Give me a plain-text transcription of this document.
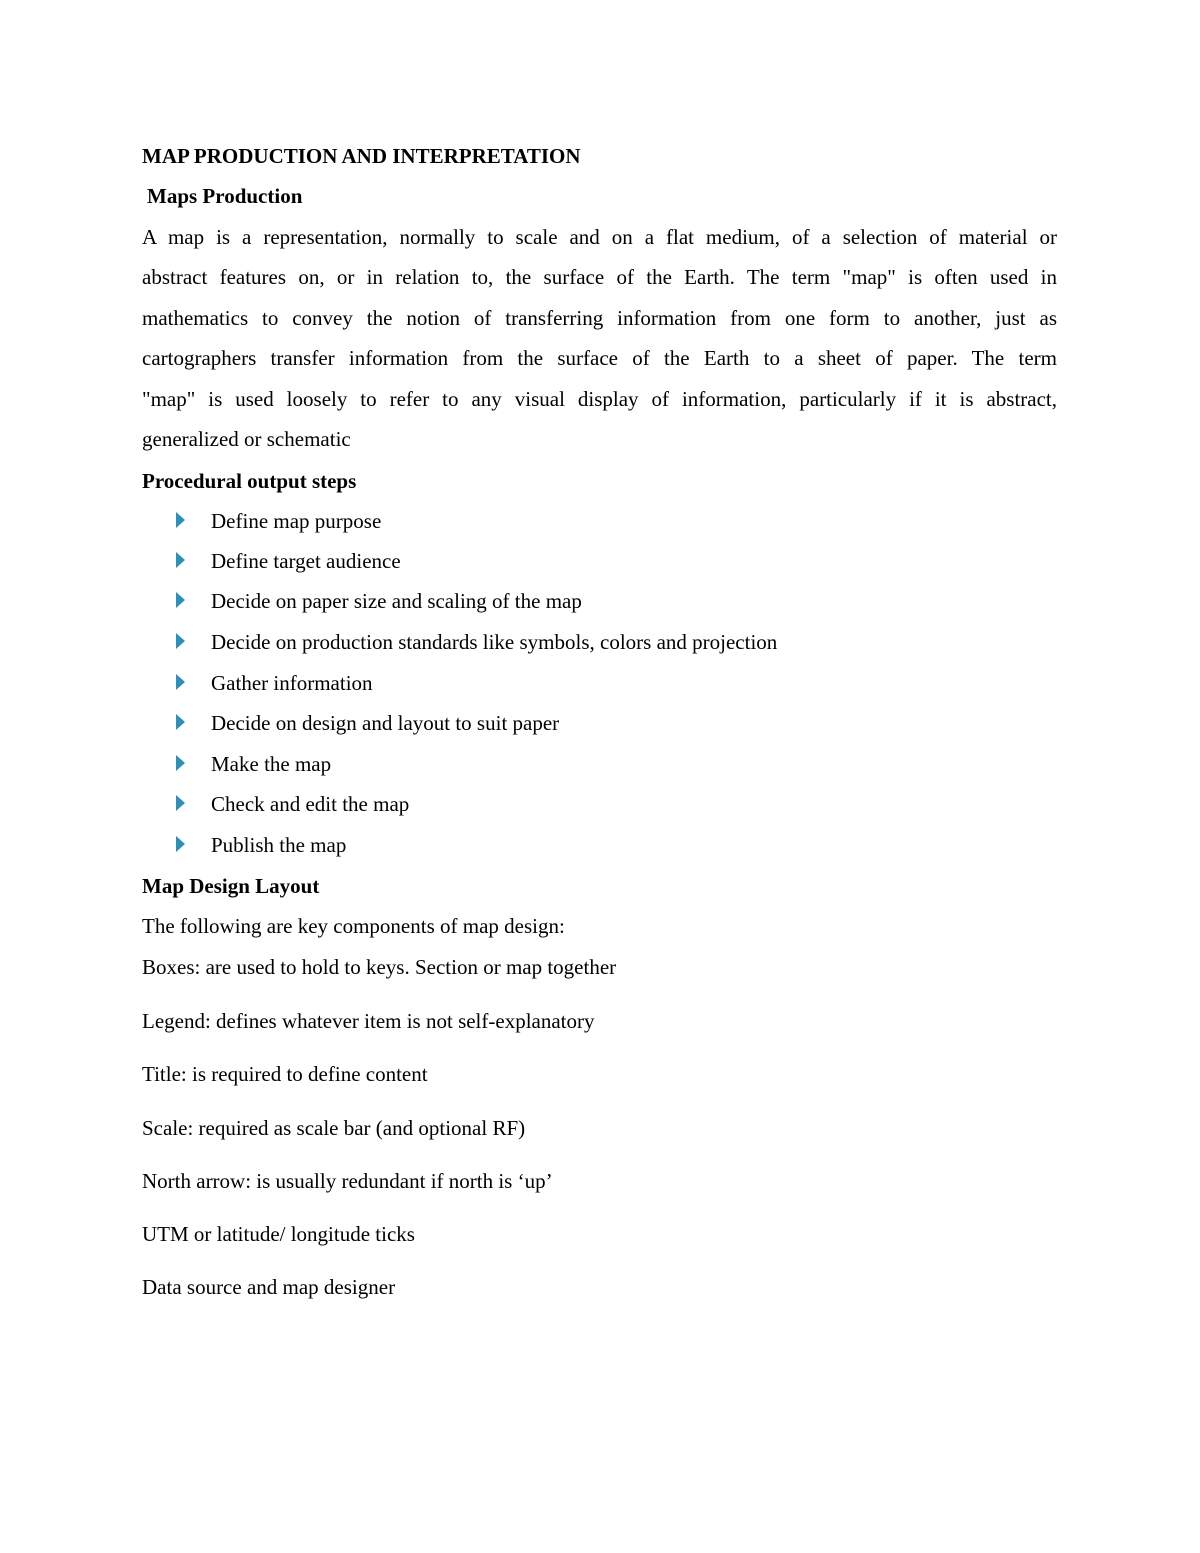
MAP PRODUCTION AND INTERPRETATION

Maps Production

A map is a representation, normally to scale and on a flat medium, of a selection of material or

abstract features on, or in relation to, the surface of the Earth. The term "map" is often used in

mathematics to convey the notion of transferring information from one form to another, just as

cartographers transfer information from the surface of the Earth to a sheet of paper. The term

"map" is used loosely to refer to any visual display of information, particularly if it is abstract,

generalized or schematic

Procedural output steps

Define map purpose
Define target audience
Decide on paper size and scaling of the map
Decide on production standards like symbols, colors and projection
Gather information
Decide on design and layout to suit paper
Make the map
Check and edit the map
Publish the map

Map Design Layout

The following are key components of map design:

Boxes: are used to hold to keys. Section or map together

Legend: defines whatever item is not self-explanatory

Title: is required to define content

Scale: required as scale bar (and optional RF)

North arrow: is usually redundant if north is ‘up’

UTM or latitude/ longitude ticks

Data source and map designer
